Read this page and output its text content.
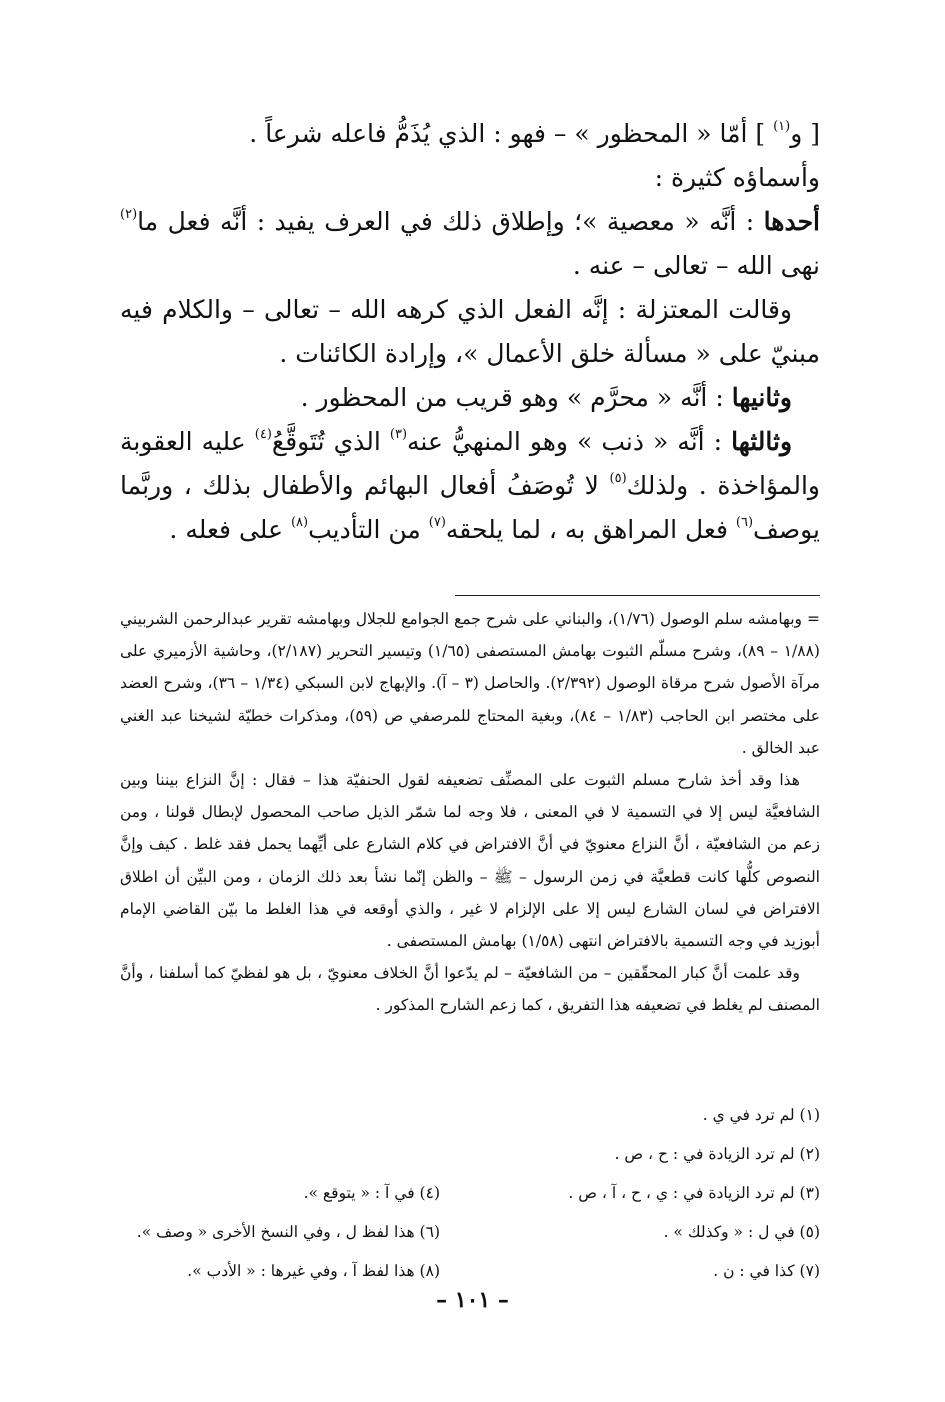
[ و$^{(١)}$ ] أمّا « المحظور » – فهو : الذي يُذَمُّ فاعله شرعاً .

وأسماؤه كثيرة :

أحدها : أنَّه « معصية »؛ وإطلاق ذلك في العرف يفيد : أنَّه فعل ما$^{(٢)}$ نهى الله – تعالى – عنه .

وقالت المعتزلة : إنَّه الفعل الذي كرهه الله – تعالى – والكلام فيه مبنيّ على « مسألة خلق الأعمال »، وإرادة الكائنات .

وثانيها : أنَّه « محرَّم » وهو قريب من المحظور .

وثالثها : أنَّه « ذنب » وهو المنهيُّ عنه$^{(٣)}$ الذي تُتَوقَّعُ$^{(٤)}$ عليه العقوبة والمؤاخذة . ولذلك$^{(٥)}$ لا تُوصَفُ أفعال البهائم والأطفال بذلك ، وربَّما يوصف$^{(٦)}$ فعل المراهق به ، لما يلحقه$^{(٧)}$ من التأديب$^{(٨)}$ على فعله .

= وبهامشه سلم الوصول (١/٧٦)، والبناني على شرح جمع الجوامع للجلال وبهامشه تقرير عبدالرحمن الشربيني (١/٨٨ – ٨٩)، وشرح مسلّم الثبوت بهامش المستصفى (١/٦٥) وتيسير التحرير (٢/١٨٧)، وحاشية الأزميري على مرآة الأصول شرح مرقاة الوصول (٢/٣٩٢). والحاصل (٣ – آ). والإبهاج لابن السبكي (١/٣٤ – ٣٦)، وشرح العضد على مختصر ابن الحاجب (١/٨٣ – ٨٤)، وبغية المحتاج للمرصفي ص (٥٩)، ومذكرات خطيّة لشيخنا عبد الغني عبد الخالق .

هذا وقد أخذ شارح مسلم الثبوت على المصنِّف تضعيفه لقول الحنفيّة هذا – فقال : إنَّ النزاع بيننا وبين الشافعيَّة ليس إلا في التسمية لا في المعنى ، فلا وجه لما شمّر الذيل صاحب المحصول لإبطال قولنا ، ومن زعم من الشافعيّة ، أنَّ النزاع معنويّ في أنَّ الافتراض في كلام الشارع على أيِّهما يحمل فقد غلط . كيف وإنَّ النصوص كلُّها كانت قطعيَّة في زمن الرسول – ﷺ – والظن إنّما نشأ بعد ذلك الزمان ، ومن البيِّن أن اطلاق الافتراض في لسان الشارع ليس إلا على الإلزام لا غير ، والذي أوقعه في هذا الغلط ما بيّن القاضي الإمام أبوزيد في وجه التسمية بالافتراض انتهى (١/٥٨) بهامش المستصفى .

وقد علمت أنَّ كبار المحقّقين – من الشافعيّة – لم يدّعوا أنَّ الخلاف معنويّ ، بل هو لفظيّ كما أسلفنا ، وأنَّ المصنف لم يغلط في تضعيفه هذا التفريق ، كما زعم الشارح المذكور .

(١) لم ترد في ي .
(٢) لم ترد الزيادة في : ح ، ص .
(٣) لم ترد الزيادة في : ي ، ح ، آ ، ص .
(٤) في آ : « يتوقع ».
(٥) في ل : « وكذلك » .
(٦) هذا لفظ ل ، وفي النسخ الأخرى « وصف ».
(٧) كذا في : ن .
(٨) هذا لفظ آ ، وفي غيرها : « الأدب ».
– ١٠١ –
